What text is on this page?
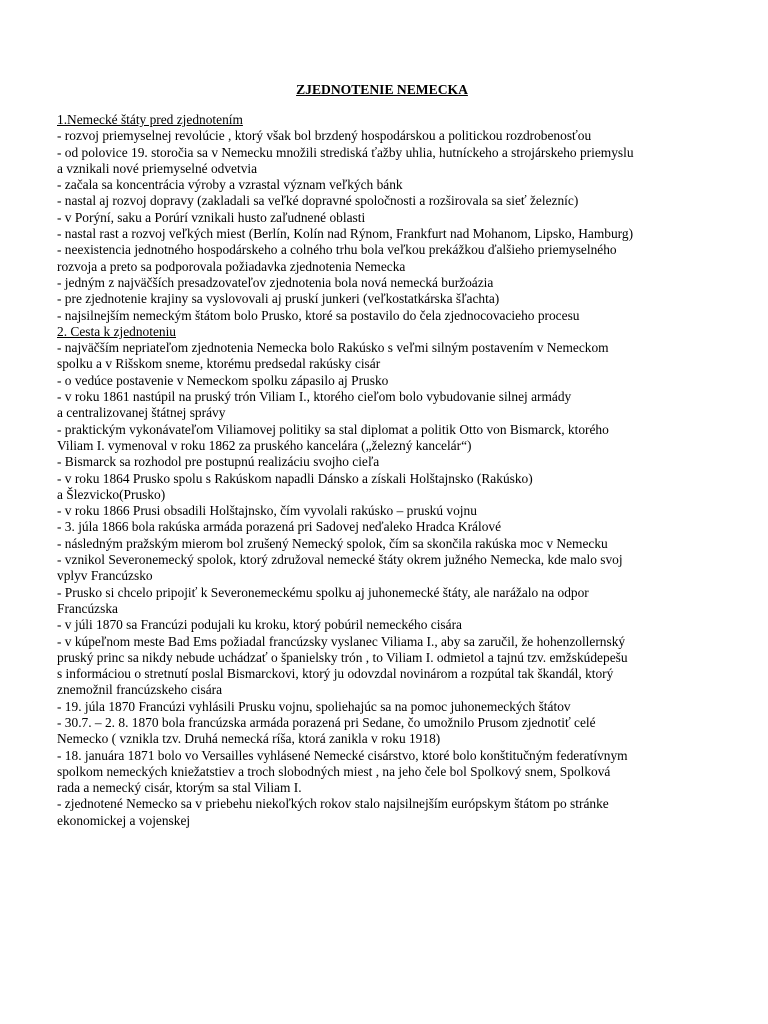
ZJEDNOTENIE NEMECKA
1.Nemecké štáty pred zjednotením

- rozvoj priemyselnej revolúcie , ktorý však bol brzdený hospodárskou a politickou rozdrobenosťou

- od polovice 19. storočia sa v Nemecku množili strediská ťažby uhlia, hutníckeho a strojárskeho priemyslu

a vznikali nové priemyselné odvetvia

- začala sa koncentrácia výroby a vzrastal význam veľkých bánk

- nastal aj rozvoj dopravy (zakladali sa veľké dopravné spoločnosti a rozširovala sa sieť železníc)

- v Porýní, saku a Porúrí vznikali husto zaľudnené oblasti

- nastal rast a rozvoj veľkých miest (Berlín, Kolín nad Rýnom, Frankfurt nad Mohanom, Lipsko, Hamburg)

- neexistencia jednotného hospodárskeho a colného trhu bola veľkou prekážkou ďalšieho priemyselného

rozvoja a preto sa podporovala požiadavka zjednotenia Nemecka

- jedným z najväčších presadzovateľov zjednotenia bola nová nemecká buržoázia

- pre zjednotenie krajiny sa vyslovovali aj pruskí junkeri (veľkostatkárska šľachta)

- najsilnejším nemeckým štátom bolo Prusko, ktoré sa postavilo do čela zjednocovacieho procesu

2. Cesta k zjednoteniu

- najväčším nepriateľom zjednotenia Nemecka bolo Rakúsko s veľmi silným postavením v Nemeckom

spolku a v Rišskom sneme, ktorému predsedal rakúsky cisár

- o vedúce postavenie v Nemeckom spolku zápasilo aj Prusko

- v roku 1861 nastúpil na pruský trón Viliam I., ktorého cieľom bolo vybudovanie silnej armády

a centralizovanej štátnej správy

- praktickým vykonávateľom Viliamovej politiky sa stal diplomat a politik Otto von Bismarck, ktorého

Viliam I. vymenoval v roku 1862 za pruského kancelára („železný kancelár“)

- Bismarck sa rozhodol pre postupnú realizáciu svojho cieľa

- v roku 1864 Prusko spolu s Rakúskom napadli Dánsko a získali Holštajnsko (Rakúsko)

a Šlezvicko(Prusko)

- v roku 1866 Prusi obsadili Holštajnsko, čím vyvolali rakúsko – pruskú vojnu

- 3. júla 1866 bola rakúska armáda porazená pri Sadovej neďaleko Hradca Králové

- následným pražským mierom bol zrušený Nemecký spolok, čím sa skončila rakúska moc v Nemecku

- vznikol Severonemecký spolok, ktorý združoval nemecké štáty okrem južného Nemecka, kde malo svoj

vplyv Francúzsko

- Prusko si chcelo pripojiť k Severonemeckému spolku aj juhonemecké štáty, ale narážalo na odpor

Francúzska

- v júli 1870 sa Francúzi podujali ku kroku, ktorý pobúril nemeckého cisára

- v kúpeľnom meste Bad Ems požiadal francúzsky vyslanec Viliama I., aby sa zaručil, že hohenzollernský

pruský princ sa nikdy nebude uchádzať o španielsky trón , to Viliam I. odmietol a tajnú tzv. emžskúdepešu

s informáciou o stretnutí poslal Bismarckovi, ktorý ju odovzdal novinárom a rozpútal tak škandál, ktorý

znemožnil francúzskeho cisára

- 19. júla 1870 Francúzi vyhlásili Prusku vojnu, spoliehajúc sa na pomoc juhonemeckých štátov

- 30.7. – 2. 8. 1870 bola francúzska armáda porazená pri Sedane, čo umožnilo Prusom zjednotiť celé

Nemecko ( vznikla tzv. Druhá nemecká ríša, ktorá zanikla v roku 1918)

- 18. januára 1871 bolo vo Versailles vyhlásené Nemecké cisárstvo, ktoré bolo konštitučným federatívnym

spolkom nemeckých kniežatstiev a troch slobodných miest , na jeho čele bol Spolkový snem, Spolková

rada a nemecký cisár, ktorým sa stal Viliam I.

- zjednotené Nemecko sa v priebehu niekoľkých rokov stalo najsilnejším európskym štátom po stránke

ekonomickej a vojenskej
